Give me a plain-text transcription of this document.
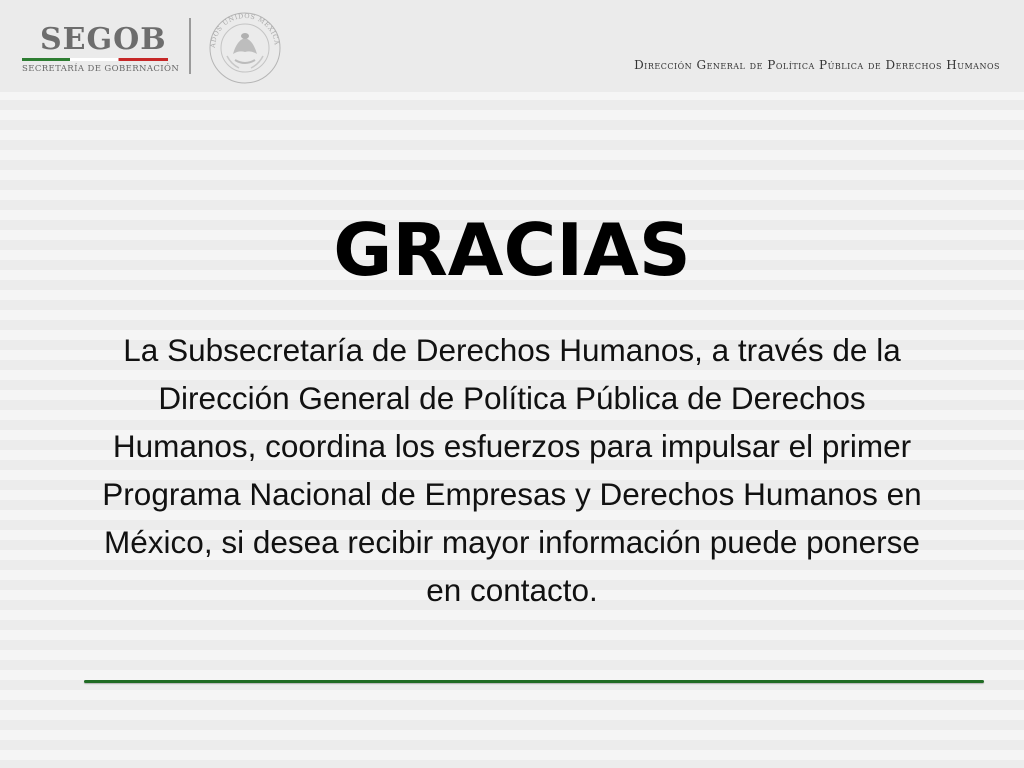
SEGOB
SECRETARÍA DE GOBERNACIÓN
ADOS UNIDOS MEXICA
Dirección General de Política Pública de Derechos Humanos
GRACIAS
La Subsecretaría de Derechos Humanos, a través de la Dirección General de Política Pública de Derechos Humanos, coordina los esfuerzos para impulsar el primer Programa Nacional de Empresas y Derechos Humanos en México, si desea recibir mayor información puede ponerse en contacto.
